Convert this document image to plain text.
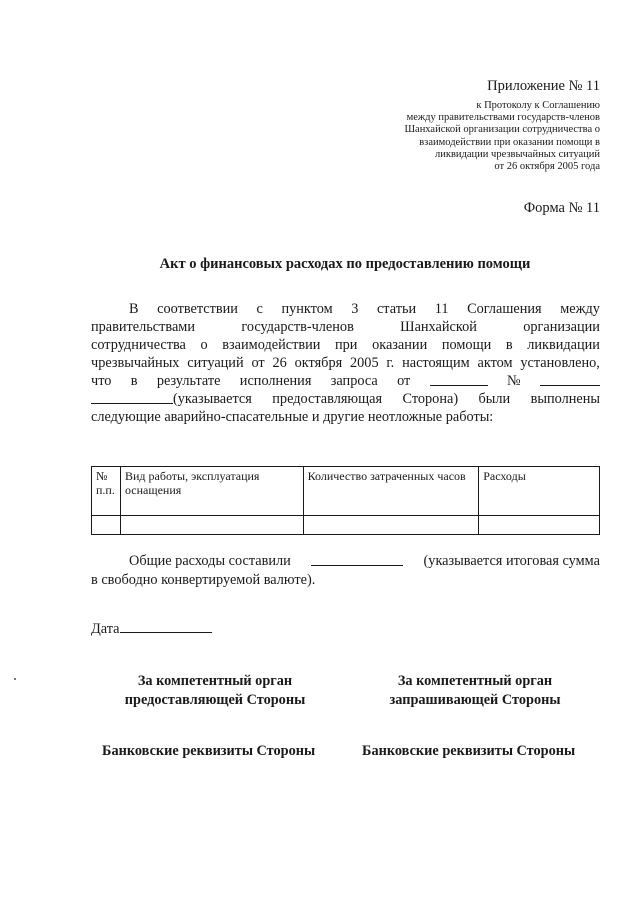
Приложение № 11
к Протоколу к Соглашению
между правительствами государств-членов
Шанхайской организации сотрудничества о
взаимодействии при оказании помощи в
ликвидации чрезвычайных ситуаций
от 26 октября 2005 года
Форма № 11
Акт о финансовых расходах по предоставлению помощи
В соответствии с пунктом 3 статьи 11 Соглашения между
правительствами	государств-членов	Шанхайской	организации
сотрудничества о взаимодействии при оказании помощи в ликвидации
чрезвычайных ситуаций от 26 октября 2005 г. настоящим актом установлено,
что в результате исполнения запроса от	№
(указывается предоставляющая Сторона) были выполнены
следующие аварийно-спасательные и другие неотложные работы:
№ п.п.	Вид работы, эксплуатация оснащения	Количество затраченных часов	Расходы

Общие расходы составили	(указывается итоговая сумма
в свободно конвертируемой валюте).
Дата
За компетентный орган
предоставляющей Стороны
За компетентный орган
запрашивающей Стороны
Банковские реквизиты Стороны	Банковские реквизиты Стороны
